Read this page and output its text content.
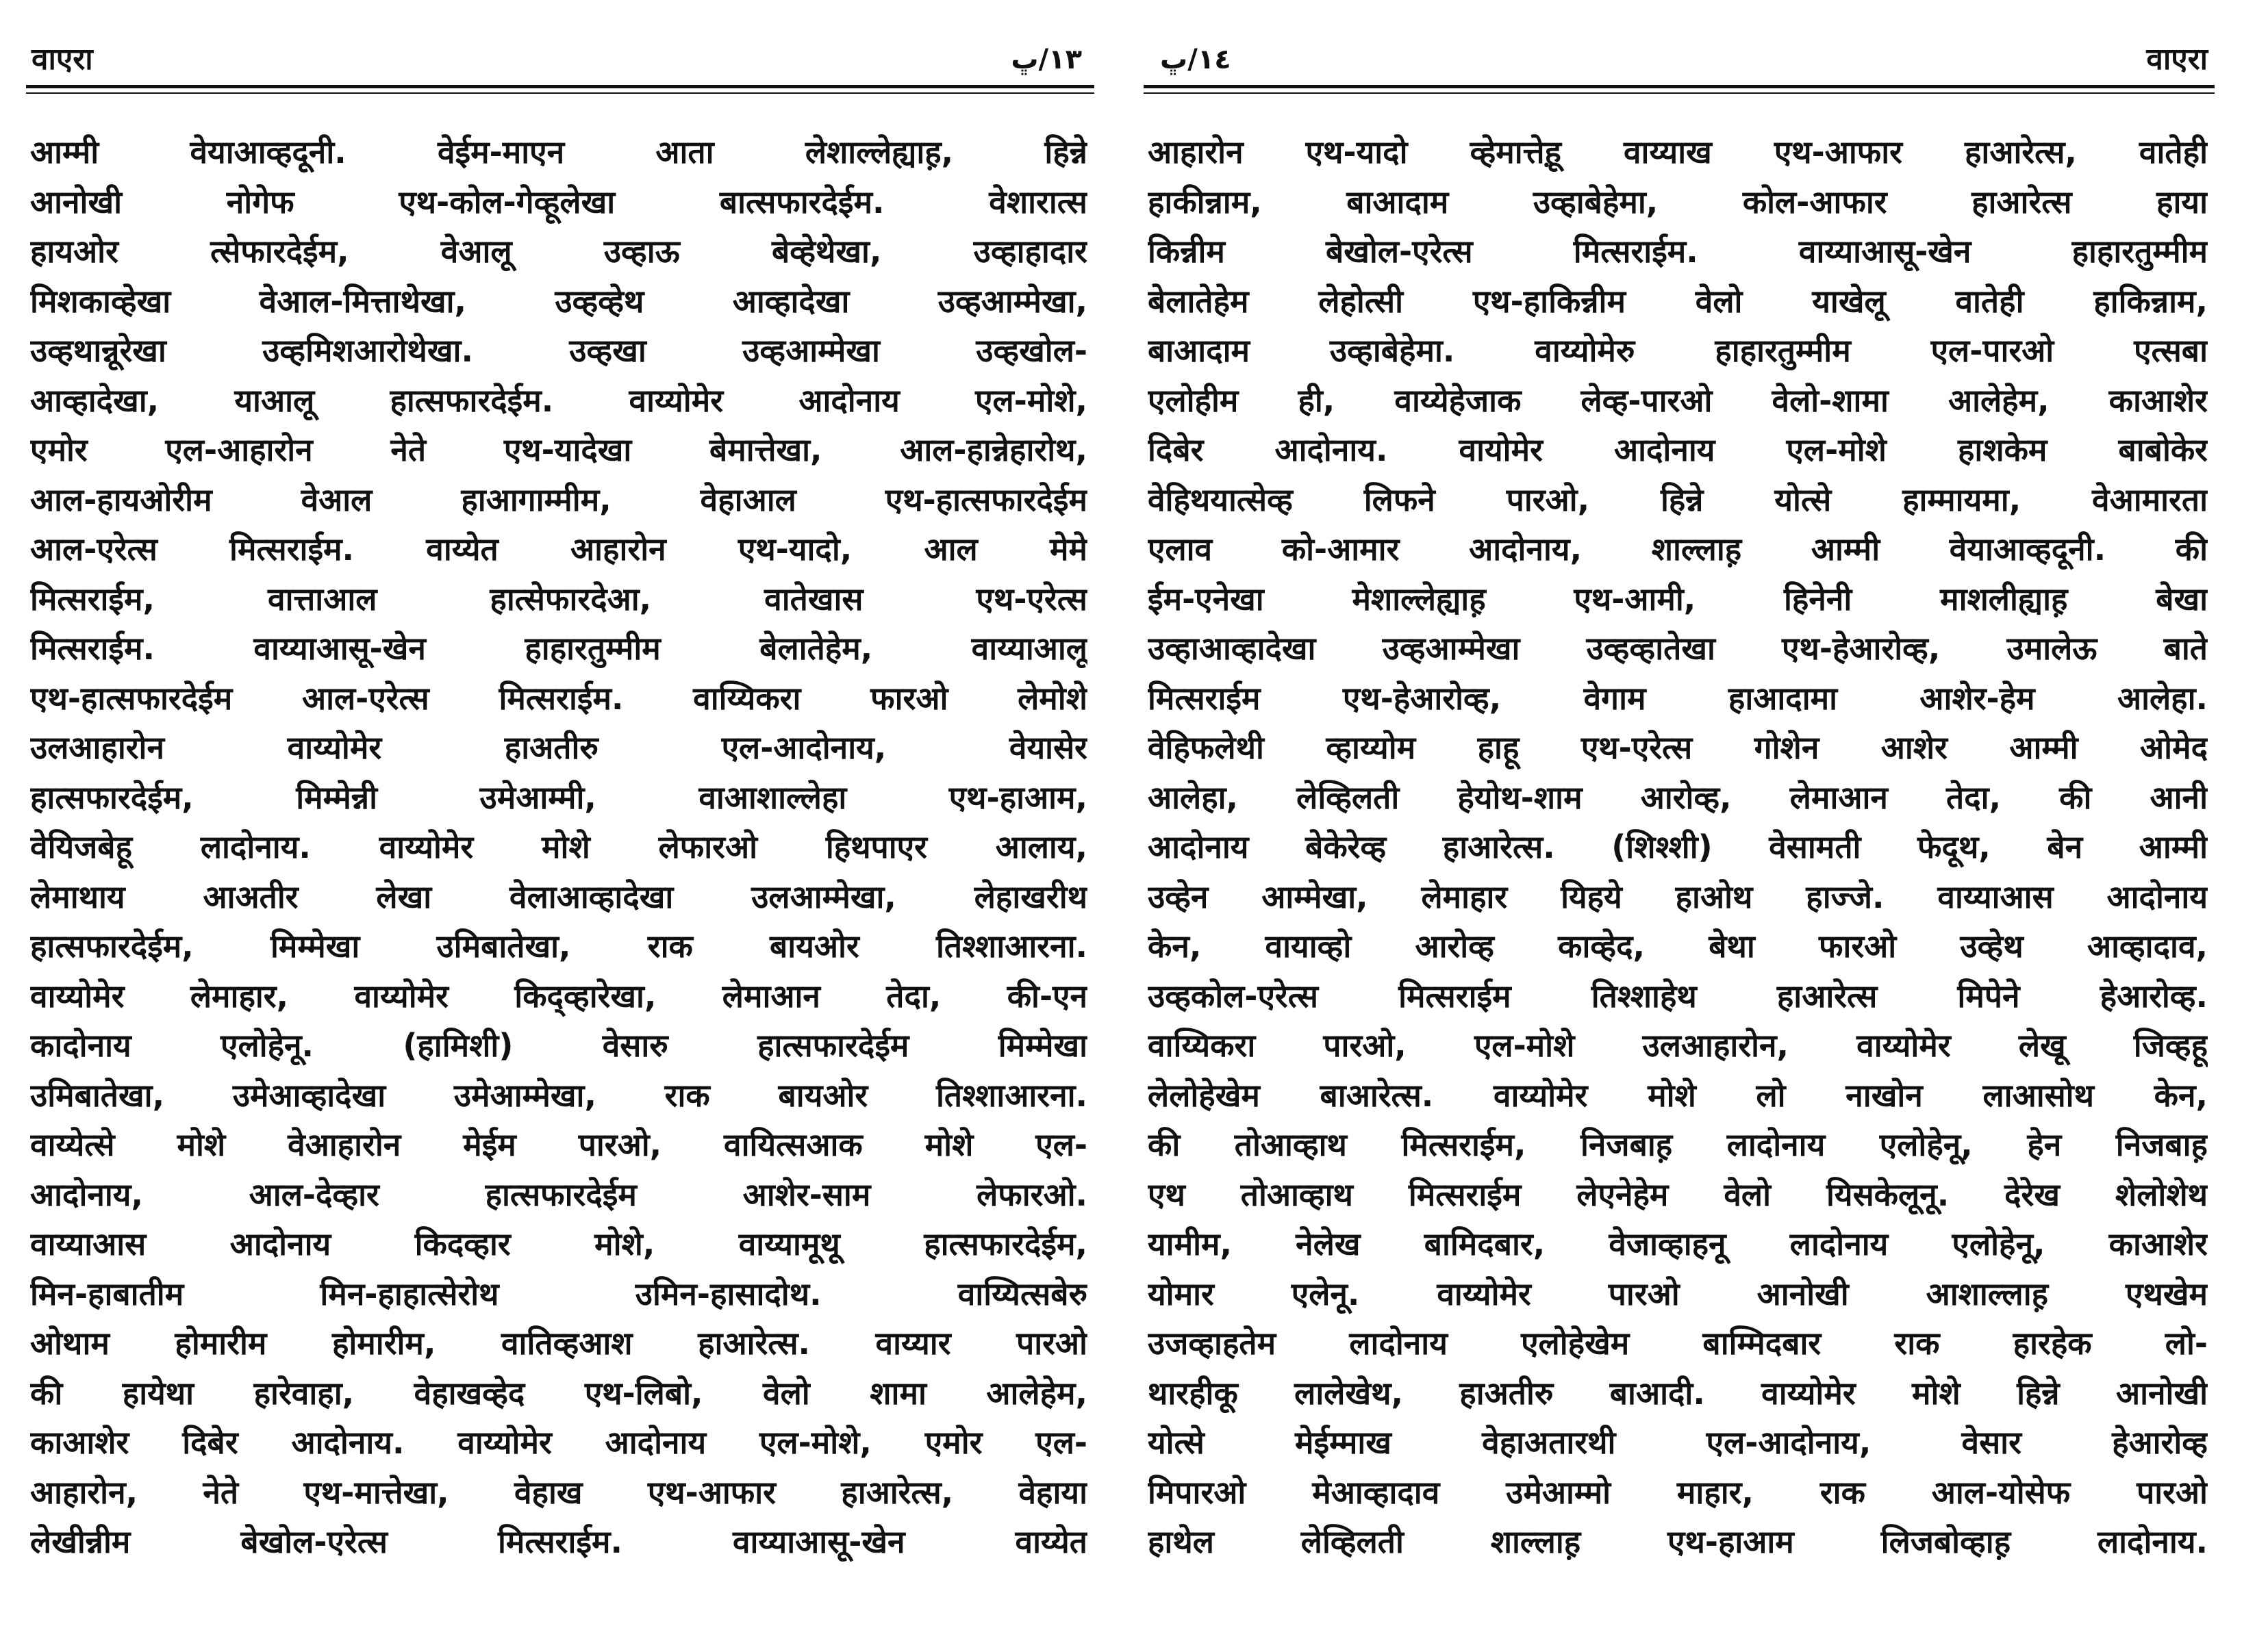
वाएरा	١٣/ڀ
आम्मी वेयाआव्हदूनी. वेईम-माएन आता लेशाल्लेह्याह़, हिन्ने
आनोखी नोगेफ एथ-कोल-गेव्हूलेखा बात्सफारदेईम. वेशारात्स
हायओर त्सेफारदेईम, वेआलू उव्हाऊ बेव्हेथेखा, उव्हाहादार
मिशकाव्हेखा वेआल-मित्ताथेखा, उव्हव्हेथ आव्हादेखा उव्हआम्मेखा,
उव्हथान्नूरेखा उव्हमिशआरोथेखा. उव्हखा उव्हआम्मेखा उव्हखोल-
आव्हादेखा, याआलू हात्सफारदेईम. वाय्योमेर आदोनाय एल-मोशे,
एमोर एल-आहारोन नेते एथ-यादेखा बेमात्तेखा, आल-हान्नेहारोथ,
आल-हायओरीम वेआल हाआगाम्मीम, वेहाआल एथ-हात्सफारदेईम
आल-एरेत्स मित्सराईम. वाय्येत आहारोन एथ-यादो, आल मेमे
मित्सराईम, वात्ताआल हात्सेफारदेआ, वातेखास एथ-एरेत्स
मित्सराईम. वाय्याआसू-खेन हाहारतुम्मीम बेलातेहेम, वाय्याआलू
एथ-हात्सफारदेईम आल-एरेत्स मित्सराईम. वाय्यिकरा फारओ लेमोशे
उलआहारोन वाय्योमेर हाअतीरु एल-आदोनाय, वेयासेर
हात्सफारदेईम, मिम्मेन्नी उमेआम्मी, वाआशाल्लेहा एथ-हाआम,
वेयिजबेहू लादोनाय. वाय्योमेर मोशे लेफारओ हिथपाएर आलाय,
लेमाथाय आअतीर लेखा वेलाआव्हादेखा उलआम्मेखा, लेहाखरीथ
हात्सफारदेईम, मिम्मेखा उमिबातेखा, राक बायओर तिश्शाआरना.
वाय्योमेर लेमाहार, वाय्योमेर किद्व्हारेखा, लेमाआन तेदा, की-एन
कादोनाय एलोहेनू. (हामिशी) वेसारु हात्सफारदेईम मिम्मेखा
उमिबातेखा, उमेआव्हादेखा उमेआम्मेखा, राक बायओर तिश्शाआरना.
वाय्येत्से मोशे वेआहारोन मेईम पारओ, वायित्सआक मोशे एल-
आदोनाय, आल-देव्हार हात्सफारदेईम आशेर-साम लेफारओ.
वाय्याआस आदोनाय किदव्हार मोशे, वाय्यामूथू हात्सफारदेईम,
मिन-हाबातीम मिन-हाहात्सेरोथ उमिन-हासादोथ. वाय्यित्सबेरु
ओथाम होमारीम होमारीम, वातिव्हआश हाआरेत्स. वाय्यार पारओ
की हायेथा हारेवाहा, वेहाखव्हेद एथ-लिबो, वेलो शामा आलेहेम,
काआशेर दिबेर आदोनाय. वाय्योमेर आदोनाय एल-मोशे, एमोर एल-
आहारोन, नेते एथ-मात्तेखा, वेहाख एथ-आफार हाआरेत्स, वेहाया
लेखीन्नीम बेखोल-एरेत्स मित्सराईम. वाय्याआसू-खेन वाय्येत
١٤/ڀ	वाएरा
आहारोन एथ-यादो व्हेमात्तेह़ू वाय्याख एथ-आफार हाआरेत्स, वातेही
हाकीन्नाम, बाआदाम उव्हाबेहेमा, कोल-आफार हाआरेत्स हाया
किन्नीम बेखोल-एरेत्स मित्सराईम. वाय्याआसू-खेन हाहारतुम्मीम
बेलातेहेम लेहोत्सी एथ-हाकिन्नीम वेलो याखेलू वातेही हाकिन्नाम,
बाआदाम उव्हाबेहेमा. वाय्योमेरु हाहारतुम्मीम एल-पारओ एत्सबा
एलोहीम ही, वाय्येहेजाक लेव्ह-पारओ वेलो-शामा आलेहेम, काआशेर
दिबेर आदोनाय. वायोमेर आदोनाय एल-मोशे हाशकेम बाबोकेर
वेहिथयात्सेव्ह लिफने पारओ, हिन्ने योत्से हाम्मायमा, वेआमारता
एलाव को-आमार आदोनाय, शाल्लाह़ आम्मी वेयाआव्हदूनी. की
ईम-एनेखा मेशाल्लेह्याह़ एथ-आमी, हिनेनी माशलीह्याह़ बेखा
उव्हाआव्हादेखा उव्हआम्मेखा उव्हव्हातेखा एथ-हेआरोव्ह, उमालेऊ बाते
मित्सराईम एथ-हेआरोव्ह, वेगाम हाआदामा आशेर-हेम आलेहा.
वेहिफलेथी व्हाय्योम हाहू एथ-एरेत्स गोशेन आशेर आम्मी ओमेद
आलेहा, लेव्हिलती हेयोथ-शाम आरोव्ह, लेमाआन तेदा, की आनी
आदोनाय बेकेरेव्ह हाआरेत्स. (शिश्शी) वेसामती फेदूथ, बेन आम्मी
उव्हेन आम्मेखा, लेमाहार यिहये हाओथ हाज्जे. वाय्याआस आदोनाय
केन, वायाव्हो आरोव्ह काव्हेद, बेथा फारओ उव्हेथ आव्हादाव,
उव्हकोल-एरेत्स मित्सराईम तिश्शाहेथ हाआरेत्स मिपेने हेआरोव्ह.
वाय्यिकरा पारओ, एल-मोशे उलआहारोन, वाय्योमेर लेखू जिव्हहू
लेलोहेखेम बाआरेत्स. वाय्योमेर मोशे लो नाखोन लाआसोथ केन,
की तोआव्हाथ मित्सराईम, निजबाह़ लादोनाय एलोहेनू, हेन निजबाह़
एथ तोआव्हाथ मित्सराईम लेएनेहेम वेलो यिसकेलूनू. देरेख शेलोशेथ
यामीम, नेलेख बामिदबार, वेजाव्हाहनू लादोनाय एलोहेनू, काआशेर
योमार एलेनू. वाय्योमेर पारओ आनोखी आशाल्लाह़ एथखेम
उजव्हाहतेम लादोनाय एलोहेखेम बाम्मिदबार राक हारहेक लो-
थारहीकू लालेखेथ, हाअतीरु बाआदी. वाय्योमेर मोशे हिन्ने आनोखी
योत्से मेईम्माख वेहाअतारथी एल-आदोनाय, वेसार हेआरोव्ह
मिपारओ मेआव्हादाव उमेआम्मो माहार, राक आल-योसेफ पारओ
हाथेल लेव्हिलती शाल्लाह़ एथ-हाआम लिजबोव्हाह़ लादोनाय.
